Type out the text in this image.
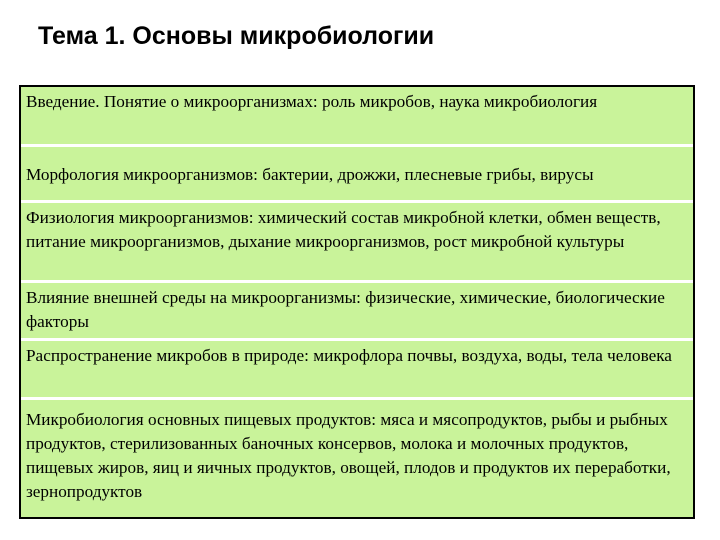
Тема 1. Основы микробиологии
Введение. Понятие о микроорганизмах: роль микробов, наука микробиология
Морфология микроорганизмов: бактерии, дрожжи, плесневые грибы, вирусы
Физиология микроорганизмов: химический состав микробной клетки, обмен веществ, питание микроорганизмов, дыхание микроорганизмов, рост микробной культуры
Влияние внешней среды на микроорганизмы: физические, химические, биологические факторы
Распространение микробов в природе: микрофлора почвы, воздуха, воды, тела человека
Микробиология основных пищевых продуктов: мяса и мясопродуктов, рыбы и рыбных продуктов, стерилизованных баночных консервов, молока и молочных продуктов, пищевых жиров, яиц и яичных продуктов, овощей, плодов и продуктов их переработки, зернопродуктов
